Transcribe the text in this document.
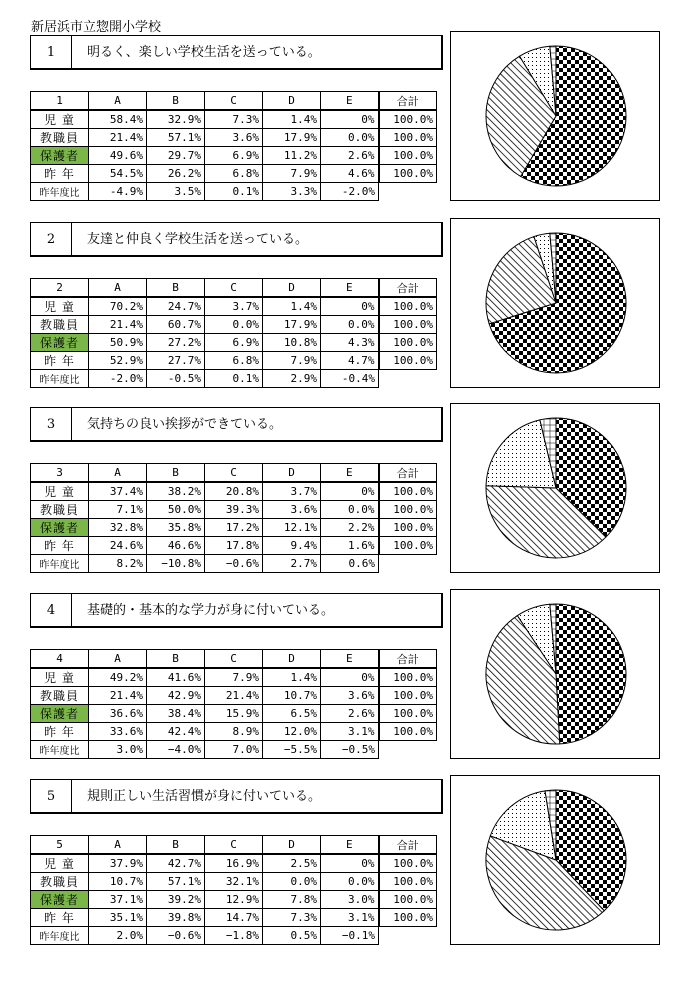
新居浜市立惣開小学校
1	明るく、楽しい学校生活を送っている。
1	A	B	C	D	E	合計
児 童	58.4%	32.9%	7.3%	1.4%	0%	100.0%
教職員	21.4%	57.1%	3.6%	17.9%	0.0%	100.0%
保護者	49.6%	29.7%	6.9%	11.2%	2.6%	100.0%
昨 年	54.5%	26.2%	6.8%	7.9%	4.6%	100.0%
昨年度比	-4.9%	3.5%	0.1%	3.3%	-2.0%	
2	友達と仲良く学校生活を送っている。
2	A	B	C	D	E	合計
児 童	70.2%	24.7%	3.7%	1.4%	0%	100.0%
教職員	21.4%	60.7%	0.0%	17.9%	0.0%	100.0%
保護者	50.9%	27.2%	6.9%	10.8%	4.3%	100.0%
昨 年	52.9%	27.7%	6.8%	7.9%	4.7%	100.0%
昨年度比	-2.0%	-0.5%	0.1%	2.9%	-0.4%	
3	気持ちの良い挨拶ができている。
3	A	B	C	D	E	合計
児 童	37.4%	38.2%	20.8%	3.7%	0%	100.0%
教職員	7.1%	50.0%	39.3%	3.6%	0.0%	100.0%
保護者	32.8%	35.8%	17.2%	12.1%	2.2%	100.0%
昨 年	24.6%	46.6%	17.8%	9.4%	1.6%	100.0%
昨年度比	8.2%	−10.8%	−0.6%	2.7%	0.6%	
4	基礎的・基本的な学力が身に付いている。
4	A	B	C	D	E	合計
児 童	49.2%	41.6%	7.9%	1.4%	0%	100.0%
教職員	21.4%	42.9%	21.4%	10.7%	3.6%	100.0%
保護者	36.6%	38.4%	15.9%	6.5%	2.6%	100.0%
昨 年	33.6%	42.4%	8.9%	12.0%	3.1%	100.0%
昨年度比	3.0%	−4.0%	7.0%	−5.5%	−0.5%	
5	規則正しい生活習慣が身に付いている。
5	A	B	C	D	E	合計
児 童	37.9%	42.7%	16.9%	2.5%	0%	100.0%
教職員	10.7%	57.1%	32.1%	0.0%	0.0%	100.0%
保護者	37.1%	39.2%	12.9%	7.8%	3.0%	100.0%
昨 年	35.1%	39.8%	14.7%	7.3%	3.1%	100.0%
昨年度比	2.0%	−0.6%	−1.8%	0.5%	−0.1%	
